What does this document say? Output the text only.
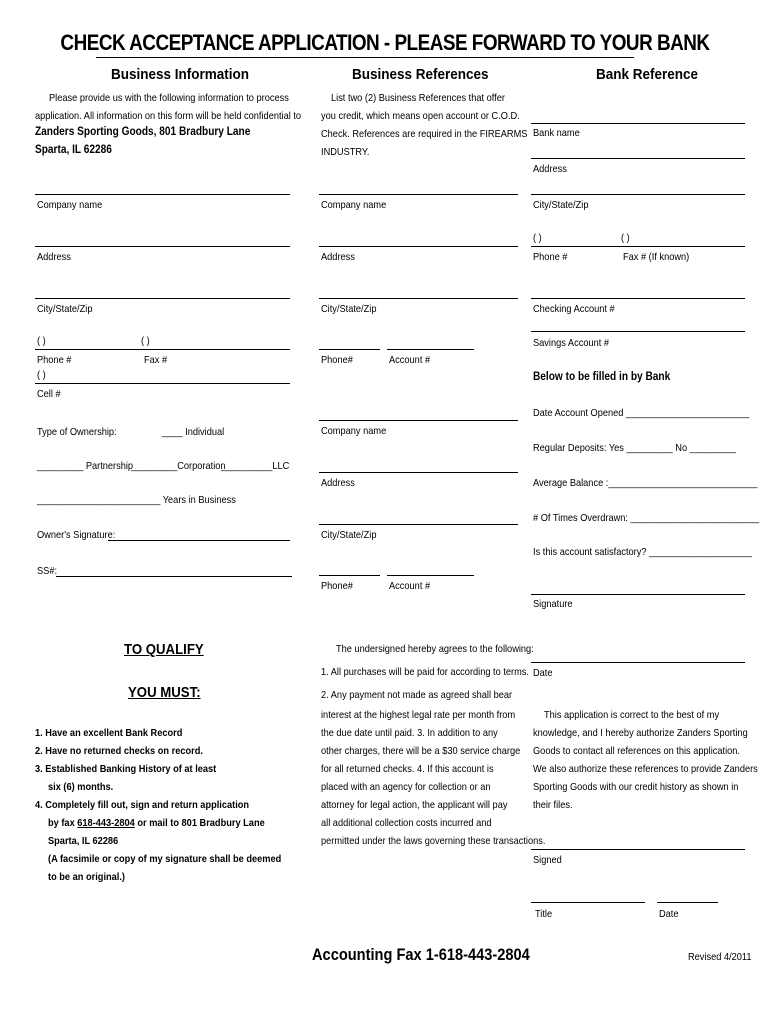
CHECK ACCEPTANCE APPLICATION - PLEASE FORWARD TO YOUR BANK
Business Information	Business References	Bank Reference
Please provide us with the following information to process
application. All information on this form will be held confidential to
Zanders Sporting Goods, 801 Bradbury Lane
Sparta, IL 62286
Company name
Address
City/State/Zip
( )	( )
Phone #	Fax #
( )
Cell #
Type of Ownership:	____ Individual
_________ Partnership
_________Corporation
__________LLC
________________________ Years in Business
Owner's Signature:
SS#:
TO QUALIFY
YOU MUST:
1. Have an excellent Bank Record
2. Have no returned checks on record.
3. Established Banking History of at least
six (6) months.
4. Completely fill out, sign and return application
by fax 618-443-2804 or mail to 801 Bradbury Lane
Sparta, IL 62286
(A facsimile or copy of my signature shall be deemed
to be an original.)
List two (2) Business References that offer
you credit, which means open account or C.O.D.
Check. References are required in the FIREARMS
INDUSTRY.
Company name
Address
City/State/Zip
Phone#	Account #
Company name
Address
City/State/Zip
Phone#	Account #
The undersigned hereby agrees to the following:
1. All purchases will be paid for according to terms.
2. Any payment not made as agreed shall bear
interest at the highest legal rate per month from
the due date until paid. 3. In addition to any
other charges, there will be a $30 service charge
for all returned checks. 4. If this account is
placed with an agency for collection or an
attorney for legal action, the applicant will pay
all additional collection costs incurred and
permitted under the laws governing these transactions.
Bank name
Address
City/State/Zip
( )	( )
Phone #	Fax # (If known)
Checking Account #
Savings Account #
Below to be filled in by Bank
Date Account Opened ________________________
Regular Deposits: Yes _________ No _________
Average Balance :_____________________________
# Of Times Overdrawn: _________________________
Is this account satisfactory? ____________________
Signature
Date
This application is correct to the best of my
knowledge, and I hereby authorize Zanders Sporting
Goods to contact all references on this application.
We also authorize these references to provide Zanders
Sporting Goods with our credit history as shown in
their files.
Signed
Title	Date
Accounting Fax 1-618-443-2804	Revised 4/2011
